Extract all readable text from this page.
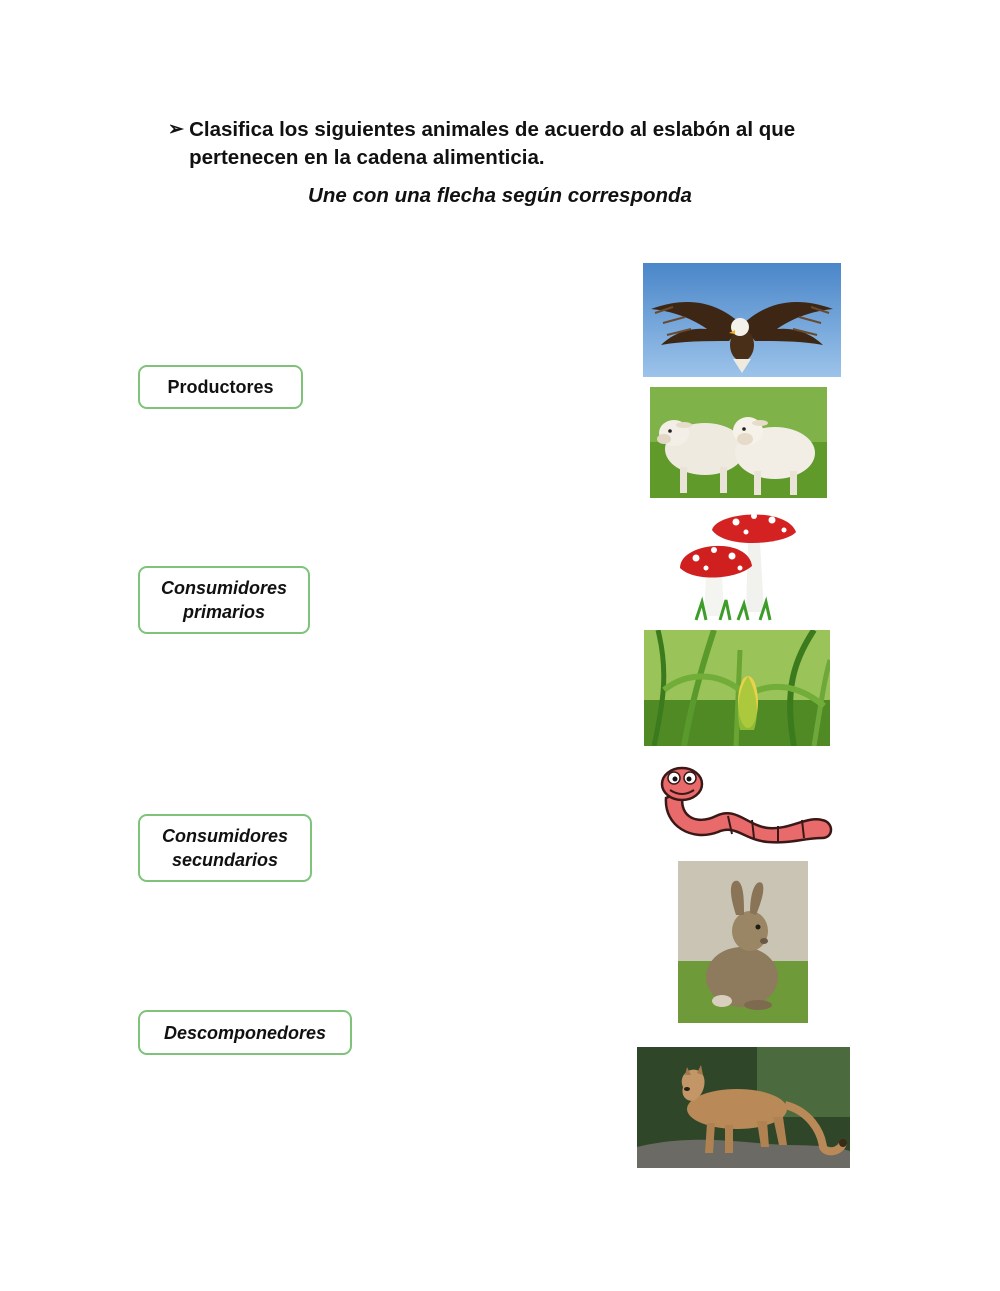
➢ Clasifica los siguientes animales de acuerdo al eslabón al que pertenecen en la cadena alimenticia.
Une con una flecha según corresponda
Productores
Consumidores
primarios
Consumidores
secundarios
Descomponedores
